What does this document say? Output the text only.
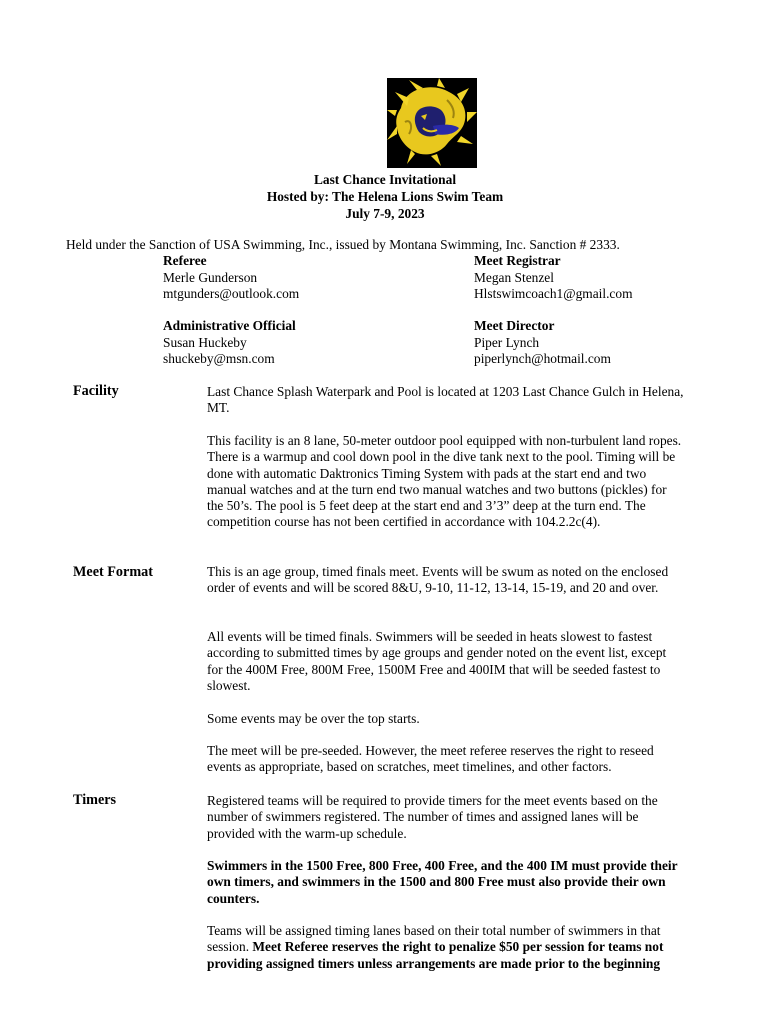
Last Chance Invitational
Hosted by: The Helena Lions Swim Team
July 7-9, 2023
Held under the Sanction of USA Swimming, Inc., issued by Montana Swimming, Inc. Sanction # 2333.
Referee
Merle Gunderson
mtgunders@outlook.com
Meet Registrar
Megan Stenzel
Hlstswimcoach1@gmail.com
Administrative Official
Susan Huckeby
shuckeby@msn.com
Meet Director
Piper Lynch
piperlynch@hotmail.com
Facility	Last Chance Splash Waterpark and Pool is located at 1203 Last Chance Gulch in Helena, MT.
This facility is an 8 lane, 50-meter outdoor pool equipped with non-turbulent land ropes. There is a warmup and cool down pool in the dive tank next to the pool. Timing will be done with automatic Daktronics Timing System with pads at the start end and two manual watches and at the turn end two manual watches and two buttons (pickles) for the 50’s. The pool is 5 feet deep at the start end and 3’3” deep at the turn end. The competition course has not been certified in accordance with 104.2.2c(4).
Meet Format	This is an age group, timed finals meet. Events will be swum as noted on the enclosed order of events and will be scored 8&U, 9-10, 11-12, 13-14, 15-19, and 20 and over.
All events will be timed finals. Swimmers will be seeded in heats slowest to fastest according to submitted times by age groups and gender noted on the event list, except for the 400M Free, 800M Free, 1500M Free and 400IM that will be seeded fastest to slowest.
Some events may be over the top starts.
The meet will be pre-seeded. However, the meet referee reserves the right to reseed events as appropriate, based on scratches, meet timelines, and other factors.
Timers	Registered teams will be required to provide timers for the meet events based on the number of swimmers registered. The number of times and assigned lanes will be provided with the warm-up schedule.
Swimmers in the 1500 Free, 800 Free, 400 Free, and the 400 IM must provide their own timers, and swimmers in the 1500 and 800 Free must also provide their own counters.
Teams will be assigned timing lanes based on their total number of swimmers in that session. Meet Referee reserves the right to penalize $50 per session for teams not providing assigned timers unless arrangements are made prior to the beginning
